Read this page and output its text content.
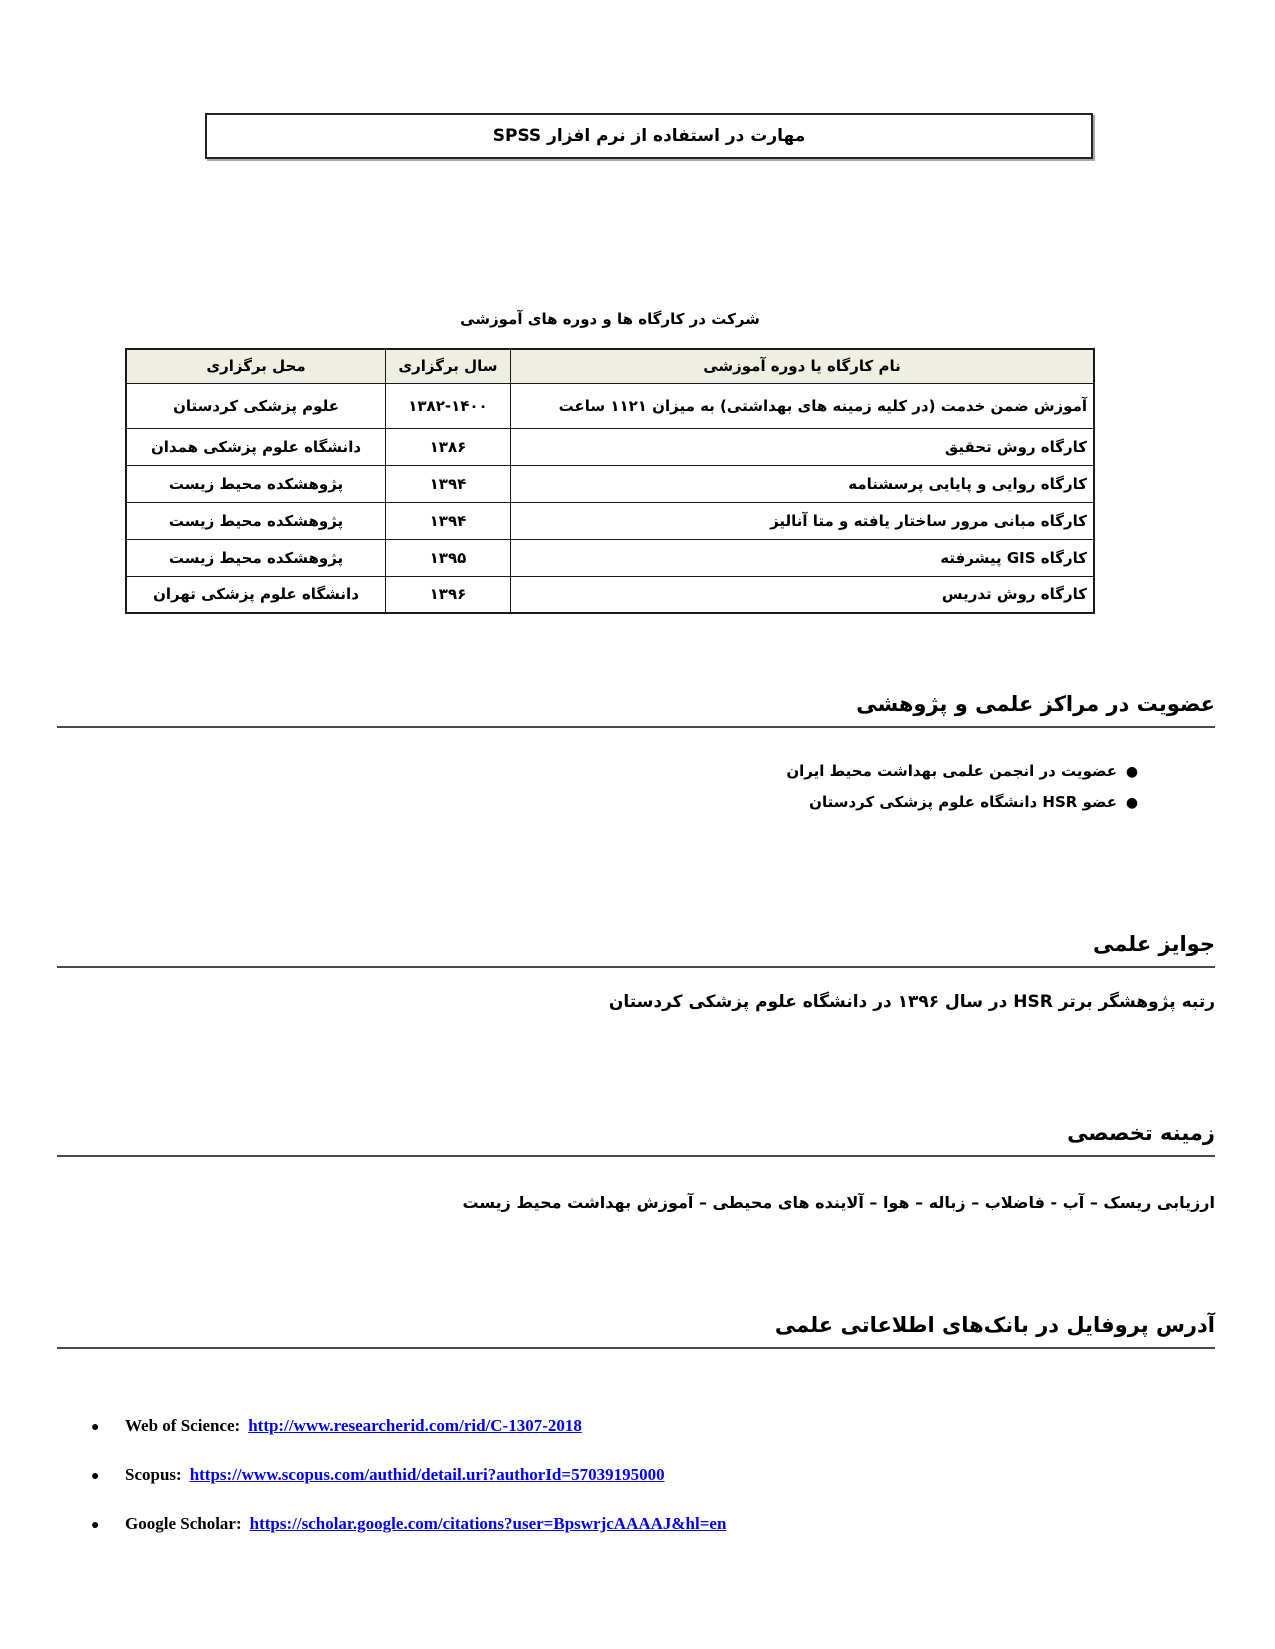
مهارت در استفاده از نرم افزار SPSS
شرکت در کارگاه ها و دوره های آموزشی
نام کارگاه یا دوره آموزشی	سال برگزاری	محل برگزاری
آموزش ضمن خدمت (در کلیه زمینه های بهداشتی) به میزان ۱۱۲۱ ساعت	۱۳۸۲-۱۴۰۰	علوم پزشکی کردستان
کارگاه روش تحقیق	۱۳۸۶	دانشگاه علوم پزشکی همدان
کارگاه روایی و پایایی پرسشنامه	۱۳۹۴	پژوهشکده محیط زیست
کارگاه مبانی مرور ساختار یافته و متا آنالیز	۱۳۹۴	پژوهشکده محیط زیست
کارگاه GIS پیشرفته	۱۳۹۵	پژوهشکده محیط زیست
کارگاه روش تدریس	۱۳۹۶	دانشگاه علوم پزشکی تهران
عضویت در مراکز علمی و پژوهشی
●
عضویت در انجمن علمی بهداشت محیط ایران
●
عضو HSR دانشگاه علوم پزشکی کردستان
جوایز علمی
رتبه پژوهشگر برتر HSR در سال ۱۳۹۶ در دانشگاه علوم پزشکی کردستان
زمینه تخصصی
ارزیابی ریسک – آب - فاضلاب – زباله – هوا – آلاینده های محیطی – آموزش بهداشت محیط زیست
آدرس پروفایل در بانک‌های اطلاعاتی علمی
●	Web of Science: http://www.researcherid.com/rid/C-1307-2018
●	Scopus: https://www.scopus.com/authid/detail.uri?authorId=57039195000
●	Google Scholar: https://scholar.google.com/citations?user=BpswrjcAAAAJ&hl=en
